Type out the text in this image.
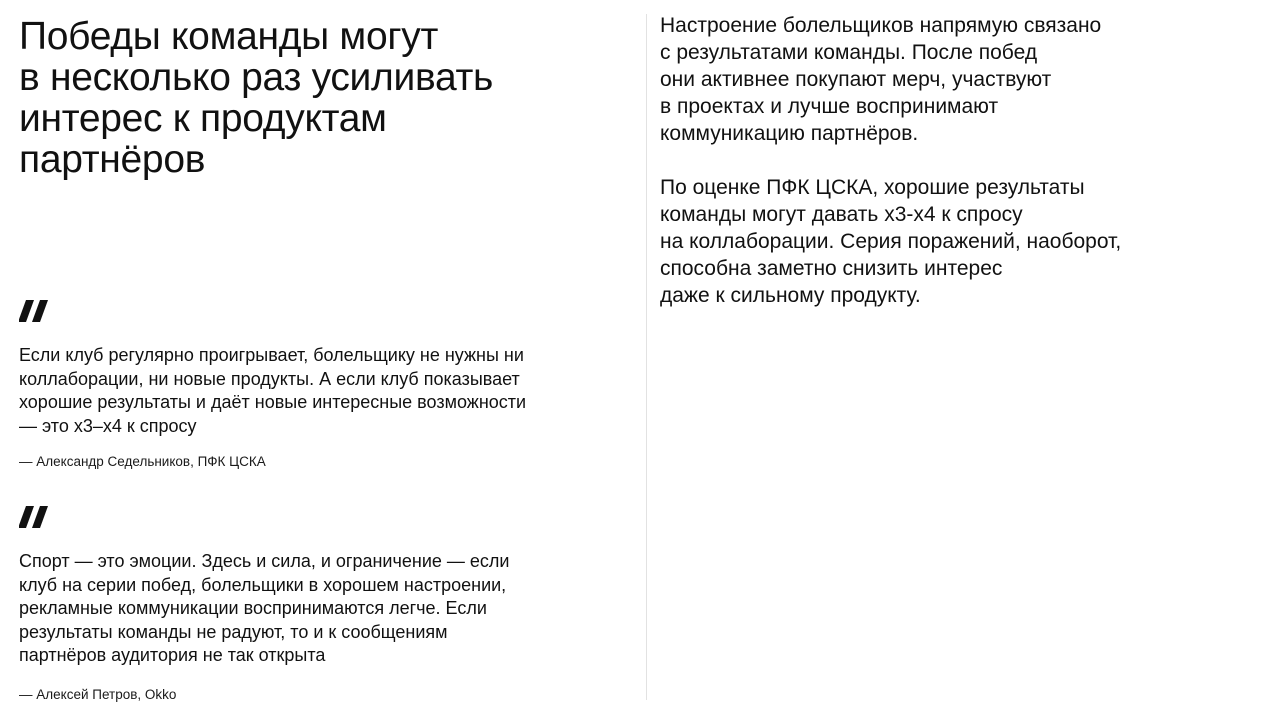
Победы команды могут
в несколько раз усиливать
интерес к продуктам
партнёров

Если клуб регулярно проигрывает, болельщику не нужны ни
коллаборации, ни новые продукты. А если клуб показывает
хорошие результаты и даёт новые интересные возможности
— это х3–х4 к спросу

— Александр Седельников, ПФК ЦСКА

Спорт — это эмоции. Здесь и сила, и ограничение — если
клуб на серии побед, болельщики в хорошем настроении,
рекламные коммуникации воспринимаются легче. Если
результаты команды не радуют, то и к сообщениям
партнёров аудитория не так открыта

— Алексей Петров, Okko

Настроение болельщиков напрямую связано
с результатами команды. После побед
они активнее покупают мерч, участвуют
в проектах и лучше воспринимают
коммуникацию партнёров.

По оценке ПФК ЦСКА, хорошие результаты
команды могут давать х3-х4 к спросу
на коллаборации. Серия поражений, наоборот,
способна заметно снизить интерес
даже к сильному продукту.
